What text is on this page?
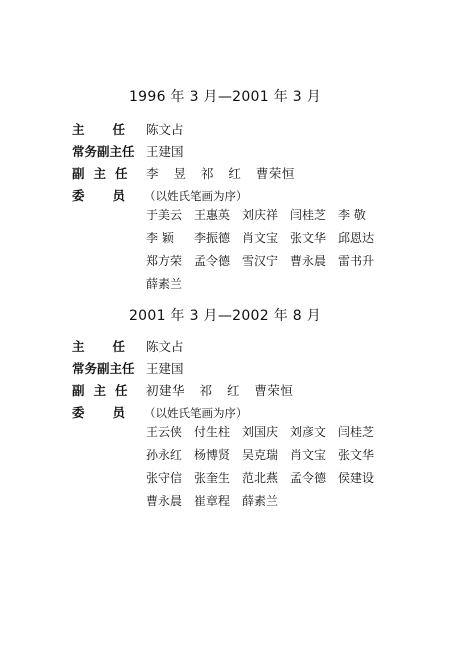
1996 年 3 月—2001 年 3 月
主任
陈文占
常务副主任 王建国
副主任 李 昱 祁 红 曹荣恒
委员
（以姓氏笔画为序）
于美云 王惠英 刘庆祥 闫桂芝 李 敬
李 颖	李振德 肖文宝 张文华 邱恩达
郑方荣 孟令德 雪汉宁 曹永晨 雷书升
薛素兰
2001 年 3 月—2002 年 8 月
主任
陈文占
常务副主任 王建国
副主任 初建华 祁 红 曹荣恒
委员
（以姓氏笔画为序）
王云侠 付生柱 刘国庆 刘彦文 闫桂芝
孙永红 杨博贤 吴克瑞 肖文宝 张文华
张守信 张奎生 范北燕 孟令德 侯建设
曹永晨 崔章程 薛素兰
